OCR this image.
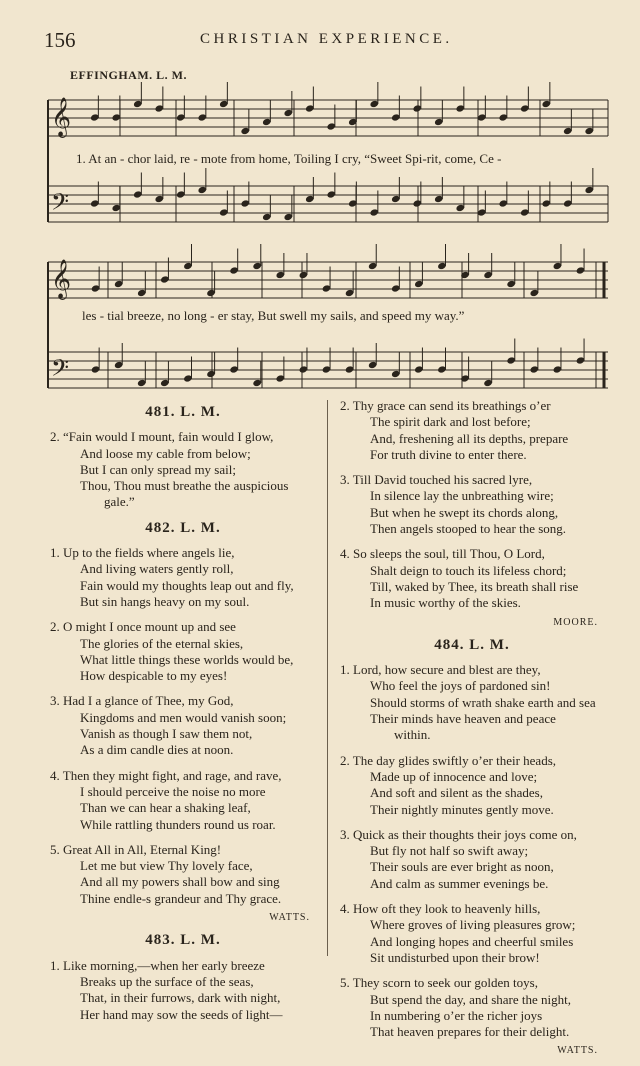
156	CHRISTIAN EXPERIENCE.
EFFINGHAM. L. M.
𝄞
𝄢
𝄞
𝄢
1. At an - chor laid, re - mote from home, Toiling I cry, “Sweet Spi-rit, come, Ce -
les - tial breeze, no long - er stay, But swell my sails, and speed my way.”
481. L. M.
2. “Fain would I mount, fain would I glow,
And loose my cable from below;
But I can only spread my sail;
Thou, Thou must breathe the auspicious
gale.”
482. L. M.
1. Up to the fields where angels lie,
And living waters gently roll,
Fain would my thoughts leap out and fly,
But sin hangs heavy on my soul.
2. O might I once mount up and see
The glories of the eternal skies,
What little things these worlds would be,
How despicable to my eyes!
3. Had I a glance of Thee, my God,
Kingdoms and men would vanish soon;
Vanish as though I saw them not,
As a dim candle dies at noon.
4. Then they might fight, and rage, and rave,
I should perceive the noise no more
Than we can hear a shaking leaf,
While rattling thunders round us roar.
5. Great All in All, Eternal King!
Let me but view Thy lovely face,
And all my powers shall bow and sing
Thine endle-s grandeur and Thy grace.
WATTS.
483. L. M.
1. Like morning,—when her early breeze
Breaks up the surface of the seas,
That, in their furrows, dark with night,
Her hand may sow the seeds of light—
2. Thy grace can send its breathings o’er
The spirit dark and lost before;
And, freshening all its depths, prepare
For truth divine to enter there.
3. Till David touched his sacred lyre,
In silence lay the unbreathing wire;
But when he swept its chords along,
Then angels stooped to hear the song.
4. So sleeps the soul, till Thou, O Lord,
Shalt deign to touch its lifeless chord;
Till, waked by Thee, its breath shall rise
In music worthy of the skies.
MOORE.
484. L. M.
1. Lord, how secure and blest are they,
Who feel the joys of pardoned sin!
Should storms of wrath shake earth and sea
Their minds have heaven and peace
within.
2. The day glides swiftly o’er their heads,
Made up of innocence and love;
And soft and silent as the shades,
Their nightly minutes gently move.
3. Quick as their thoughts their joys come on,
But fly not half so swift away;
Their souls are ever bright as noon,
And calm as summer evenings be.
4. How oft they look to heavenly hills,
Where groves of living pleasures grow;
And longing hopes and cheerful smiles
Sit undisturbed upon their brow!
5. They scorn to seek our golden toys,
But spend the day, and share the night,
In numbering o’er the richer joys
That heaven prepares for their delight.
WATTS.
